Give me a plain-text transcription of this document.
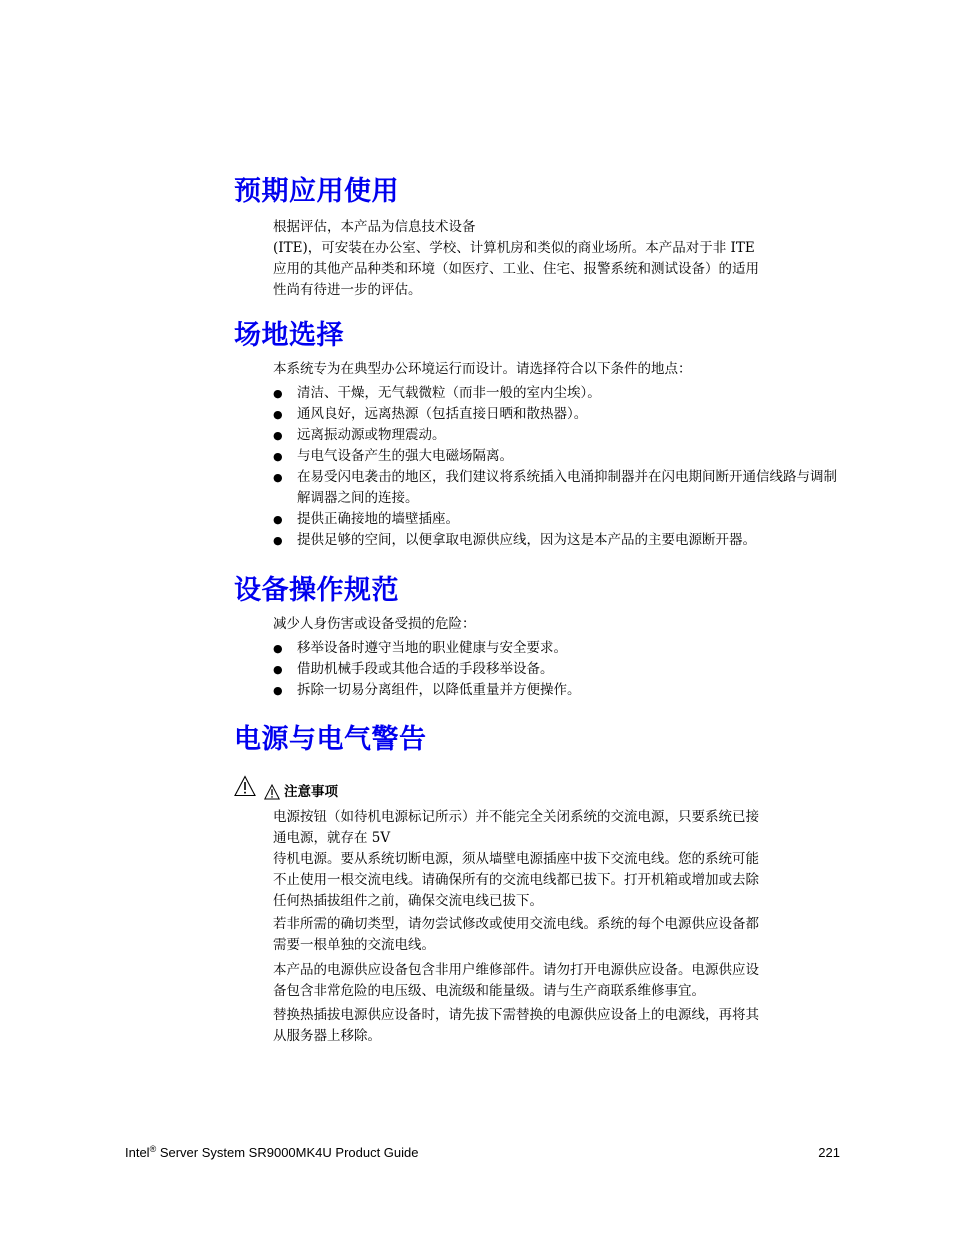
预期应用使用

根据评估，本产品为信息技术设备

(ITE)，可安装在办公室、学校、计算机房和类似的商业场所。本产品对于非 ITE

应用的其他产品种类和环境（如医疗、工业、住宅、报警系统和测试设备）的适用

性尚有待进一步的评估。

场地选择

本系统专为在典型办公环境运行而设计。请选择符合以下条件的地点：

● 清洁、干燥，无气载微粒（而非一般的室内尘埃）。
● 通风良好，远离热源（包括直接日晒和散热器）。
● 远离振动源或物理震动。
● 与电气设备产生的强大电磁场隔离。
● 在易受闪电袭击的地区，我们建议将系统插入电涌抑制器并在闪电期间断开通信线路与调制解调器之间的连接。
● 提供正确接地的墙壁插座。
● 提供足够的空间，以便拿取电源供应线，因为这是本产品的主要电源断开器。
设备操作规范

减少人身伤害或设备受损的危险：

● 移举设备时遵守当地的职业健康与安全要求。
● 借助机械手段或其他合适的手段移举设备。
● 拆除一切易分离组件，以降低重量并方便操作。
电源与电气警告
注意事项

电源按钮（如待机电源标记所示）并不能完全关闭系统的交流电源，只要系统已接

通电源，就存在 5V

待机电源。要从系统切断电源，须从墙壁电源插座中拔下交流电线。您的系统可能

不止使用一根交流电线。请确保所有的交流电线都已拔下。打开机箱或增加或去除

任何热插拔组件之前，确保交流电线已拔下。

若非所需的确切类型，请勿尝试修改或使用交流电线。系统的每个电源供应设备都

需要一根单独的交流电线。

本产品的电源供应设备包含非用户维修部件。请勿打开电源供应设备。电源供应设

备包含非常危险的电压级、电流级和能量级。请与生产商联系维修事宜。

替换热插拔电源供应设备时，请先拔下需替换的电源供应设备上的电源线，再将其

从服务器上移除。

Intel® Server System SR9000MK4U Product Guide	221
